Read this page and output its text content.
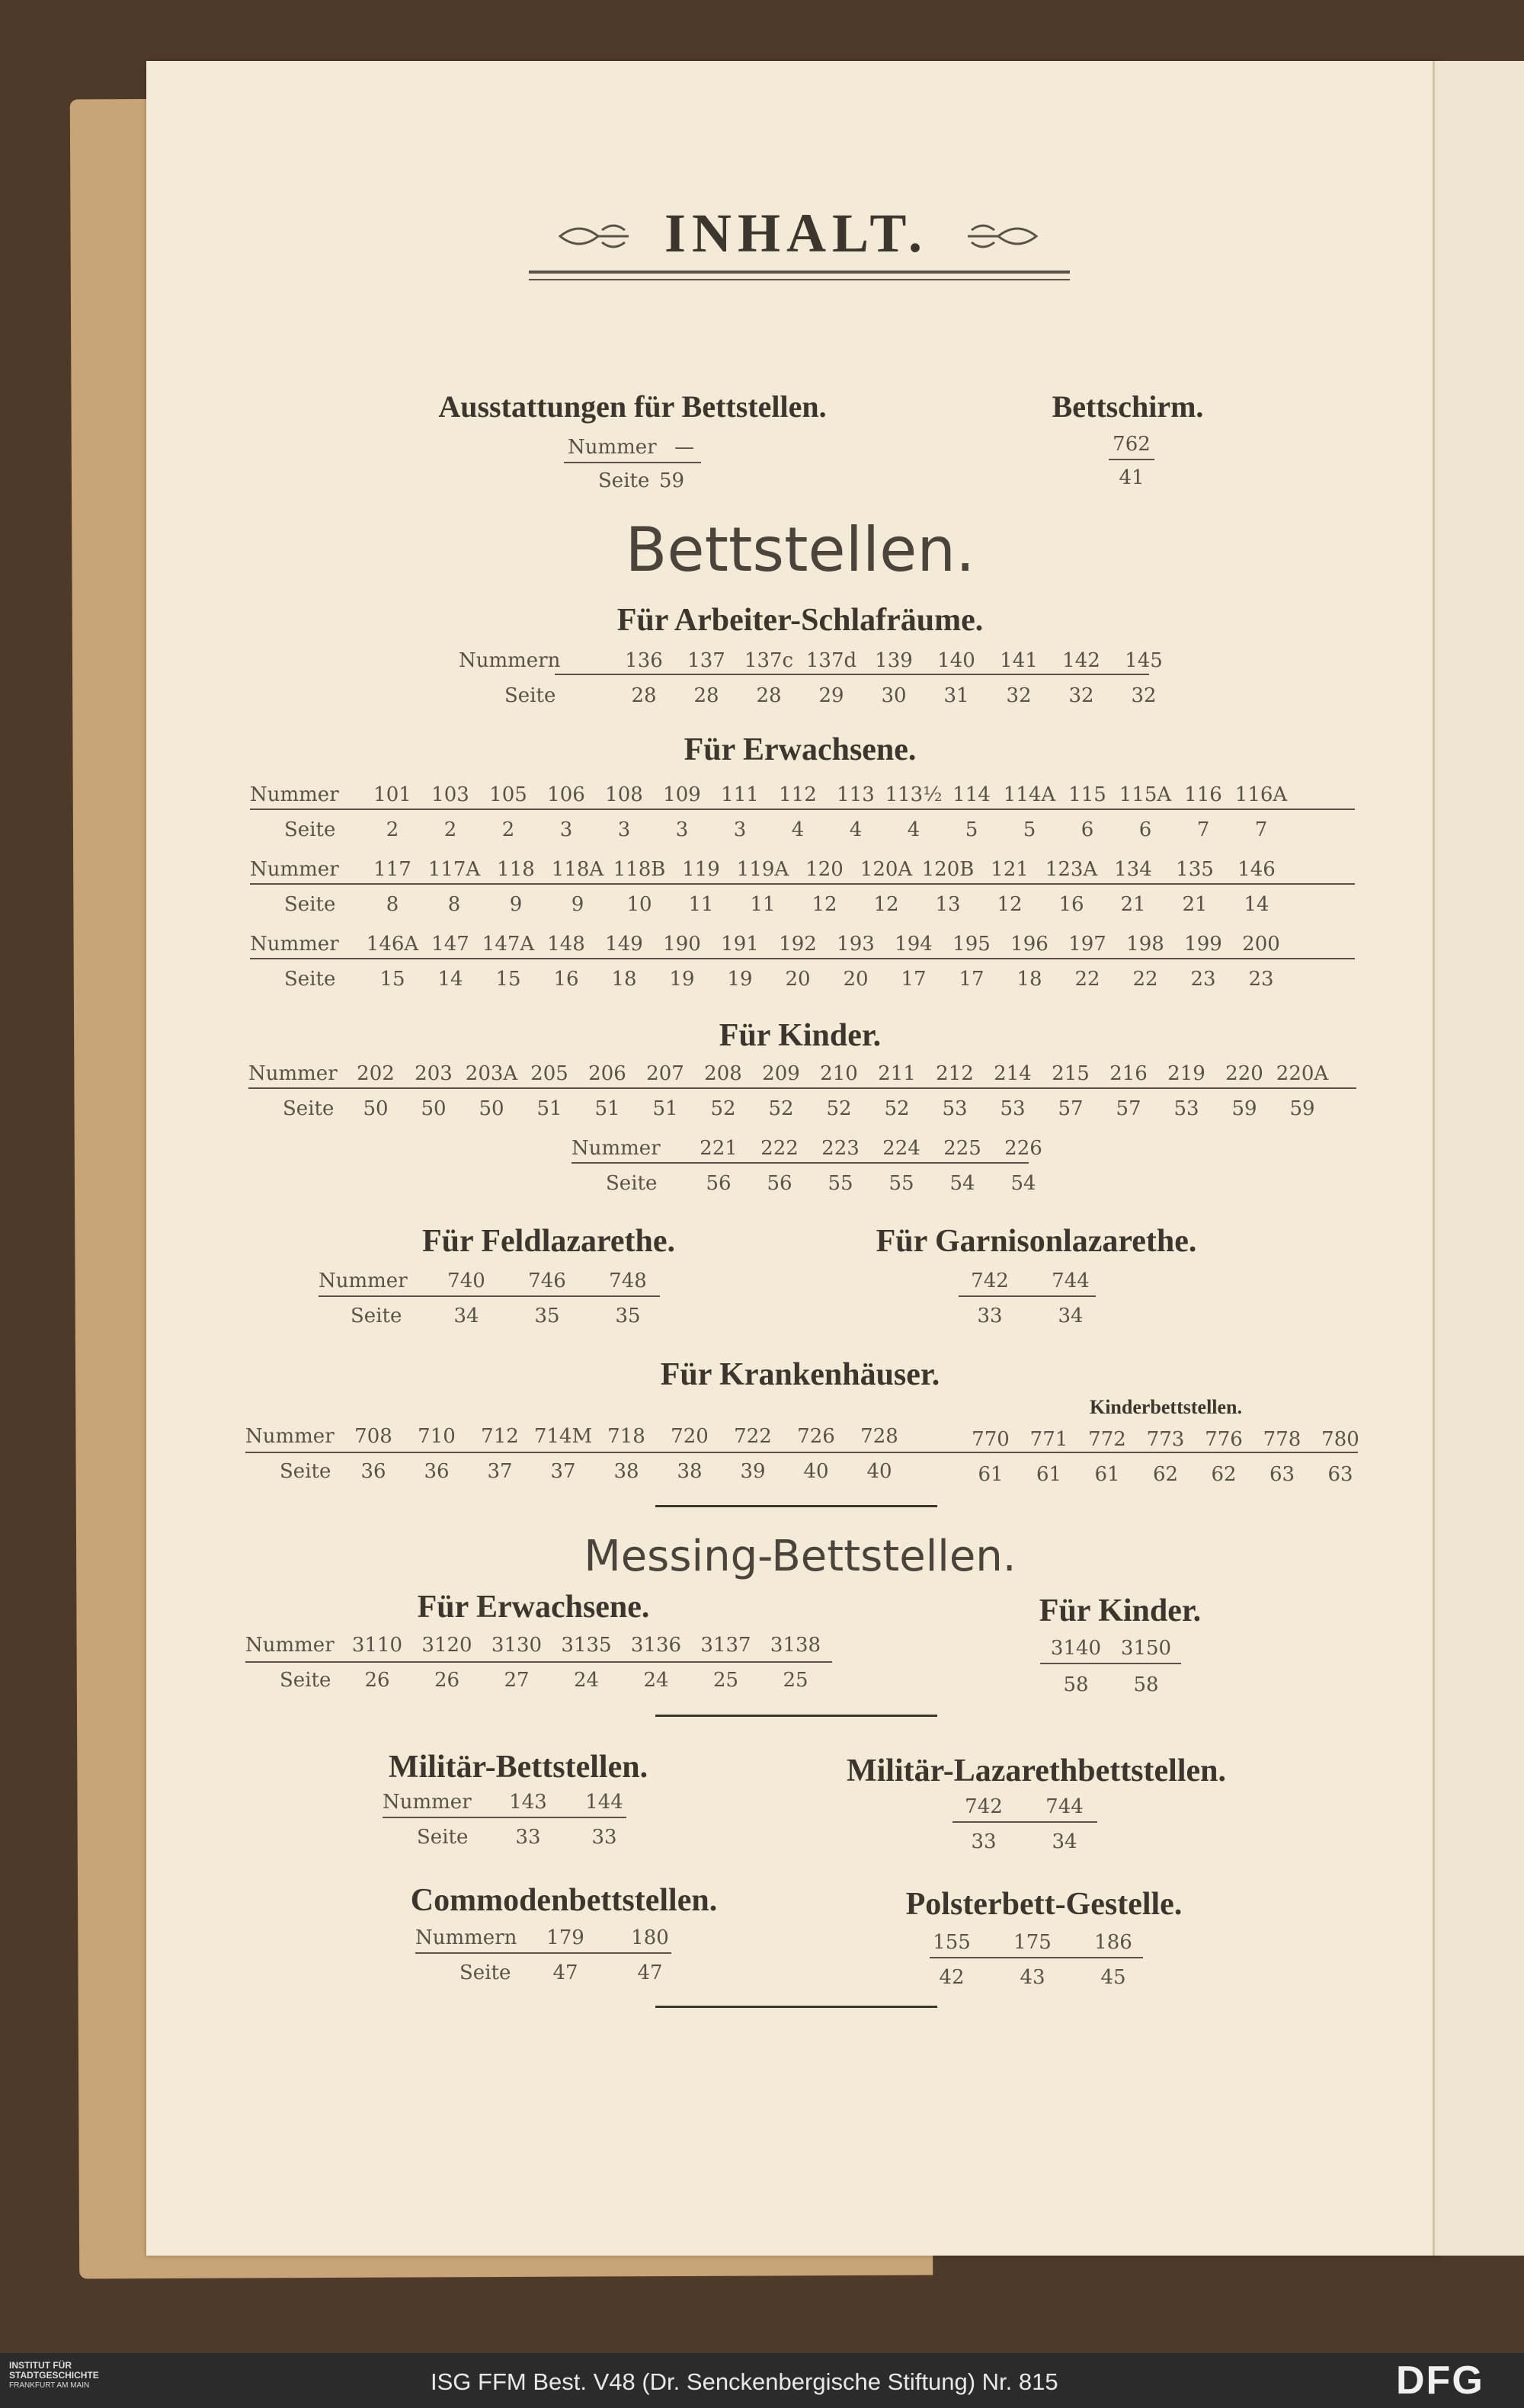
INHALT.
Ausstattungen für Bettstellen.
Nummer —
Seite 59
Bettschirm.
762
41
Bettstellen.
Für Arbeiter-Schlafräume.
Nummern
Seite
136	137 137c 137d 139	140	141	142	145
28	28	28	29	30	31	32	32	32
Für Erwachsene.
Nummer
Seite
101	103	105	106	108	109	111	112	113 113½ 114 114A 115 115A 116 116A
2	2	2	3	3	3	3	4	4	4	5	5	6	6	7	7
Nummer
Seite
117 117A 118 118A 118B 119 119A 120 120A 120B 121 123A 134	135	146
8	8	9	9	10	11	11	12	12	13	12	16	21	21	14
Nummer
Seite
146A 147 147A 148	149	190	191	192	193	194	195	196	197	198	199	200
15	14	15	16	18	19	19	20	20	17	17	18	22	22	23	23
Für Kinder.
Nummer
Seite
202	203 203A 205	206	207	208	209	210	211	212	214	215	216	219	220 220A
50	50	50	51	51	51	52	52	52	52	53	53	57	57	53	59	59
Nummer
Seite
221	222	223	224	225	226
56	56	55	55	54	54
Für Feldlazarethe.
Nummer
Seite
740	746	748
34	35	35
Für Garnisonlazarethe.
742	744
33	34
Für Krankenhäuser.
Kinderbettstellen.
Nummer
Seite
708	710	712 714M 718	720	722	726	728
36	36	37	37	38	38	39	40	40
770	771	772	773	776	778	780
61	61	61	62	62	63	63
Messing-Bettstellen.
Für Erwachsene.
Nummer
Seite
3110 3120 3130 3135 3136 3137 3138
26	26	27	24	24	25	25
Für Kinder.
3140 3150
58	58
Militär-Bettstellen.
Nummer
Seite
143	144
33	33
Militär-Lazarethbettstellen.
742	744
33	34
Commodenbettstellen.
Nummern
Seite
179	180
47	47
Polsterbett-Gestelle.
155	175	186
42	43	45
INSTITUT FÜR
STADTGESCHICHTE
FRANKFURT AM MAIN	ISG FFM Best. V48 (Dr. Senckenbergische Stiftung) Nr. 815	DFG
